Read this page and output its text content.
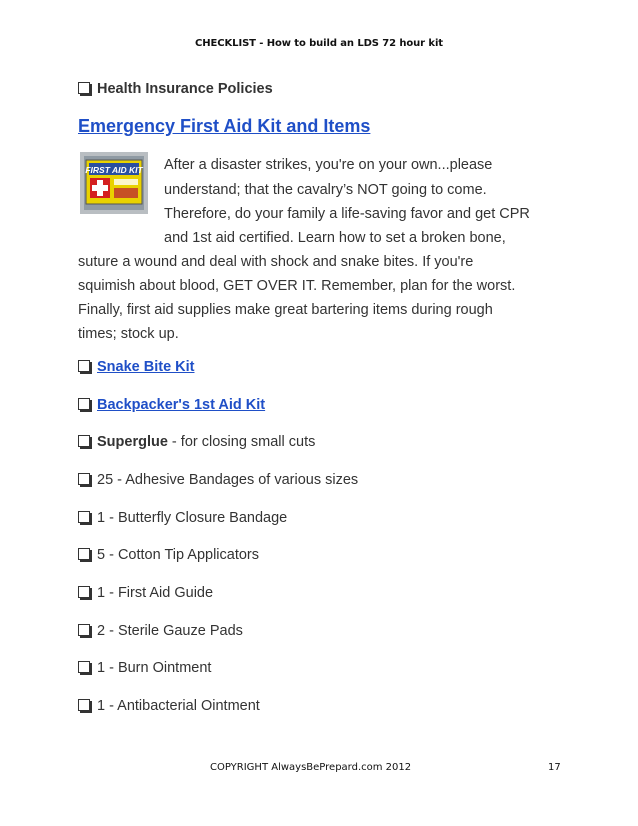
CHECKLIST - How to build an LDS 72 hour kit
Health Insurance Policies
Emergency First Aid Kit and Items
FIRST AID KIT After a disaster strikes, you're on your own...please
understand; that the cavalry’s NOT going to come.
Therefore, do your family a life-saving favor and get CPR
and 1st aid certified. Learn how to set a broken bone,
suture a wound and deal with shock and snake bites. If you're
squimish about blood, GET OVER IT. Remember, plan for the worst.
Finally, first aid supplies make great bartering items during rough
times; stock up.
Snake Bite Kit
Backpacker's 1st Aid Kit
Superglue - for closing small cuts
25 - Adhesive Bandages of various sizes
1 - Butterfly Closure Bandage
5 - Cotton Tip Applicators
1 - First Aid Guide
2 - Sterile Gauze Pads
1 - Burn Ointment
1 - Antibacterial Ointment
COPYRIGHT AlwaysBePrepard.com 2012	17
